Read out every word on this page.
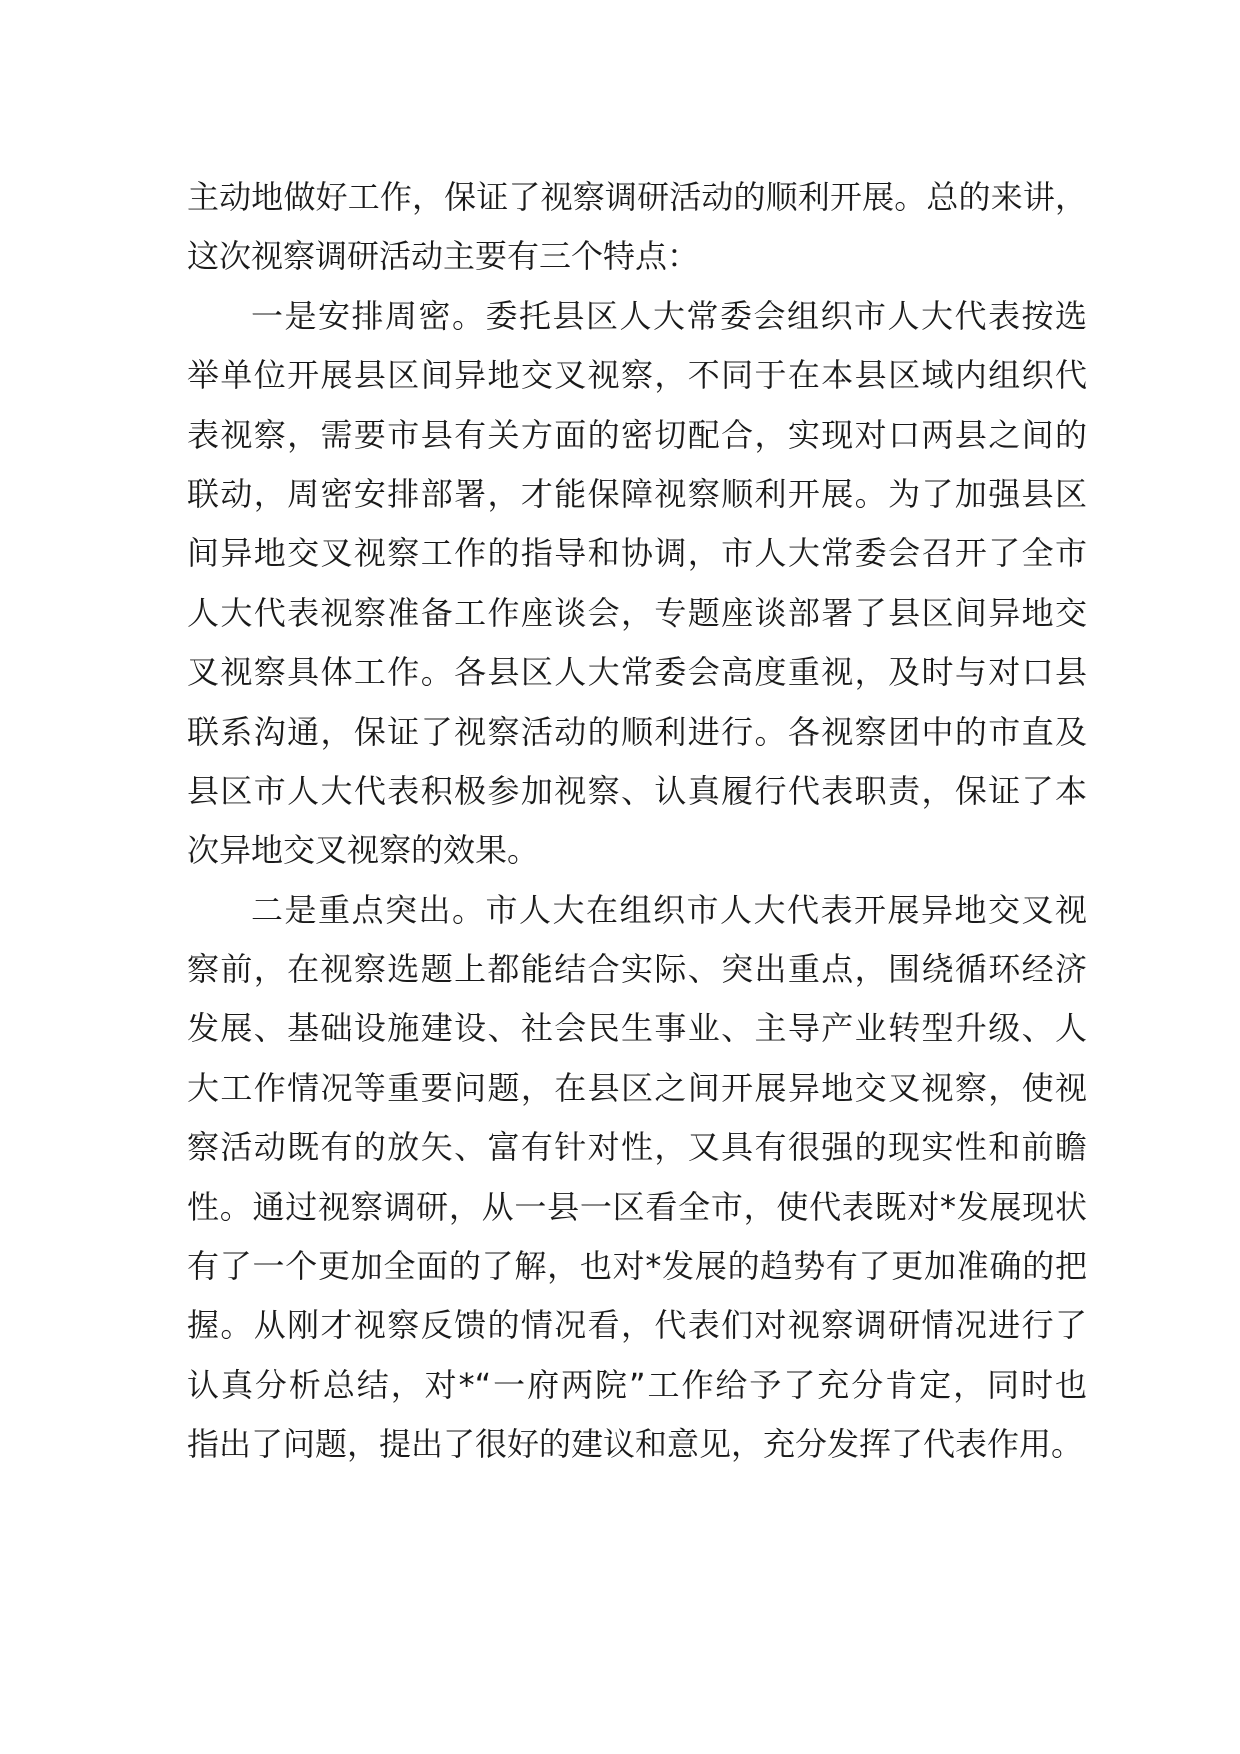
主动地做好工作，保证了视察调研活动的顺利开展。总的来讲，
这次视察调研活动主要有三个特点：

一是安排周密。委托县区人大常委会组织市人大代表按选
举单位开展县区间异地交叉视察，不同于在本县区域内组织代
表视察，需要市县有关方面的密切配合，实现对口两县之间的
联动，周密安排部署，才能保障视察顺利开展。为了加强县区
间异地交叉视察工作的指导和协调，市人大常委会召开了全市
人大代表视察准备工作座谈会，专题座谈部署了县区间异地交
叉视察具体工作。各县区人大常委会高度重视，及时与对口县
联系沟通，保证了视察活动的顺利进行。各视察团中的市直及
县区市人大代表积极参加视察、认真履行代表职责，保证了本
次异地交叉视察的效果。

二是重点突出。市人大在组织市人大代表开展异地交叉视
察前，在视察选题上都能结合实际、突出重点，围绕循环经济
发展、基础设施建设、社会民生事业、主导产业转型升级、人
大工作情况等重要问题，在县区之间开展异地交叉视察，使视
察活动既有的放矢、富有针对性，又具有很强的现实性和前瞻
性。通过视察调研，从一县一区看全市，使代表既对*发展现状
有了一个更加全面的了解，也对*发展的趋势有了更加准确的把
握。从刚才视察反馈的情况看，代表们对视察调研情况进行了
认真分析总结，对*“一府两院”工作给予了充分肯定，同时也
指出了问题，提出了很好的建议和意见，充分发挥了代表作用。
